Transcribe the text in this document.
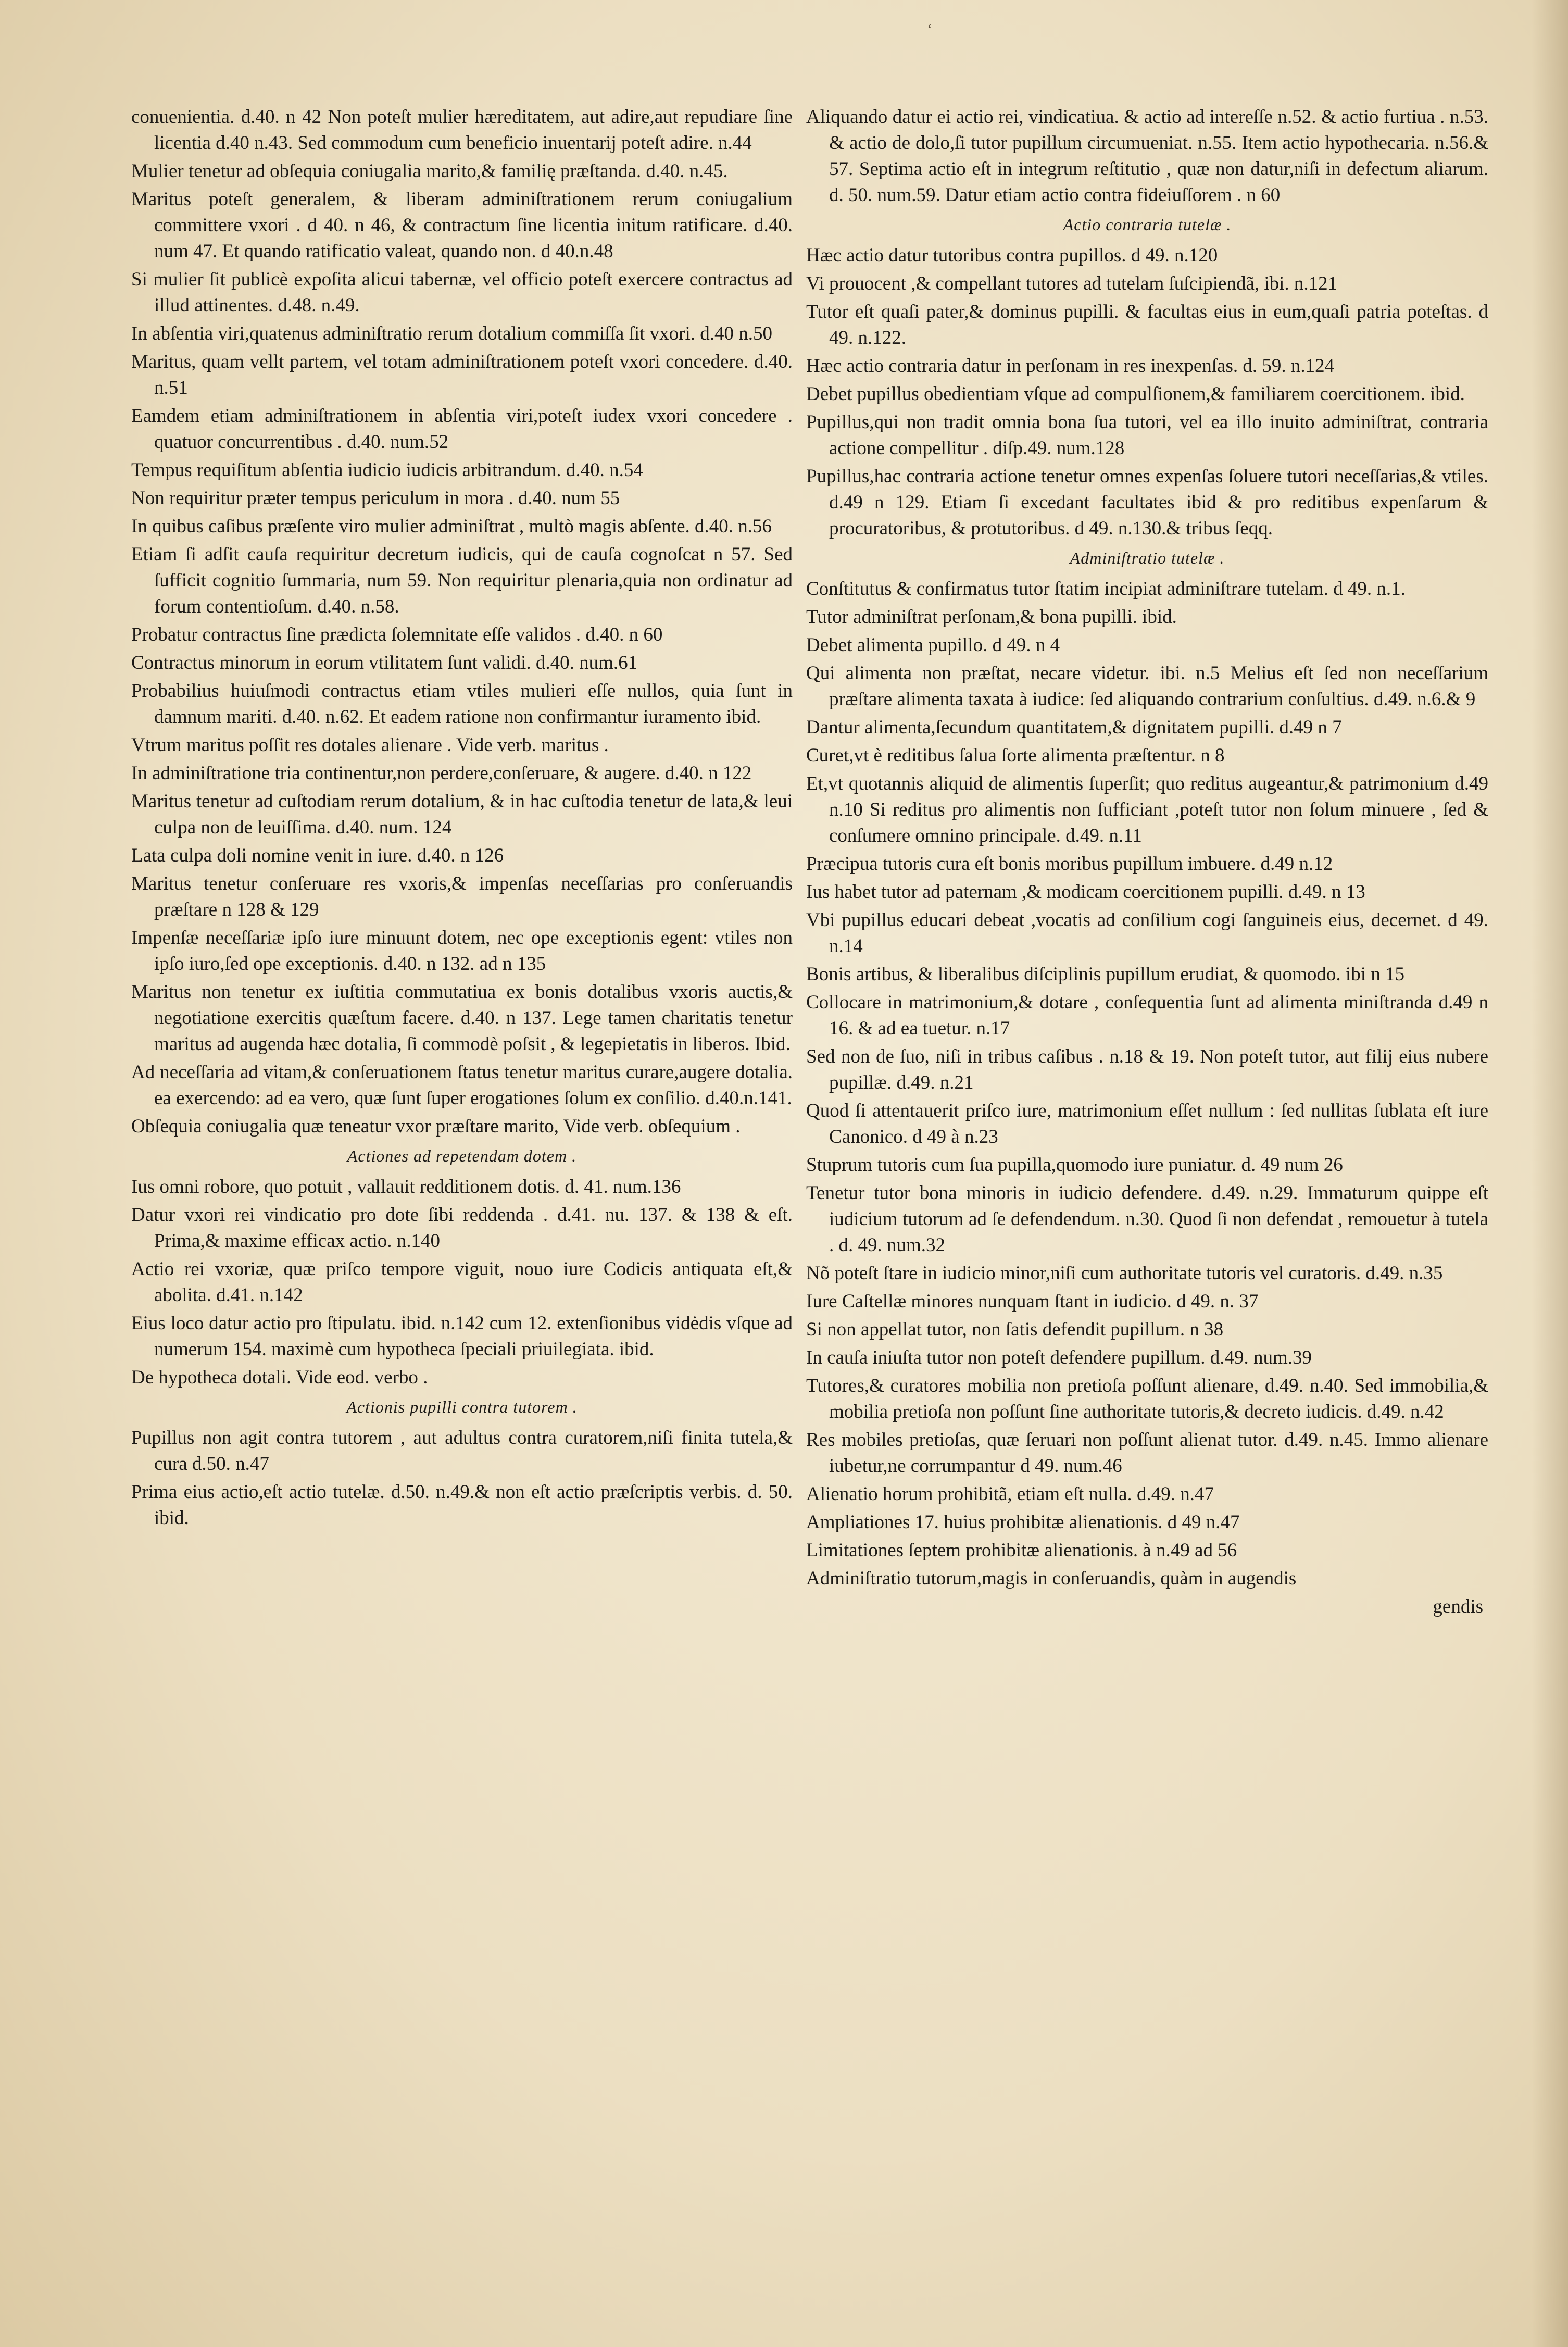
ʻ
conuenientia. d.40. n 42 Non poteſt mulier hæreditatem, aut adire,aut repudiare ſine licentia d.40 n.43. Sed commodum cum beneficio inuentarij poteſt adire. n.44
Mulier tenetur ad obſequia coniugalia marito,& familię præſtanda. d.40. n.45.
Maritus poteſt generalem, & liberam adminiſtrationem rerum coniugalium committere vxori . d 40. n 46, & contractum ſine licentia initum ratificare. d.40. num 47. Et quando ratificatio valeat, quando non. d 40.n.48
Si mulier ſit publicè expoſita alicui tabernæ, vel officio poteſt exercere contractus ad illud attinentes. d.48. n.49.
In abſentia viri,quatenus adminiſtratio rerum dotalium commiſſa ſit vxori. d.40 n.50
Maritus, quam vellt partem, vel totam adminiſtrationem poteſt vxori concedere. d.40. n.51
Eamdem etiam adminiſtrationem in abſentia viri,poteſt iudex vxori concedere . quatuor concurrentibus . d.40. num.52
Tempus requiſitum abſentia iudicio iudicis arbitrandum. d.40. n.54
Non requiritur præter tempus periculum in mora . d.40. num 55
In quibus caſibus præſente viro mulier adminiſtrat , multò magis abſente. d.40. n.56
Etiam ſi adſit cauſa requiritur decretum iudicis, qui de cauſa cognoſcat n 57. Sed ſufficit cognitio ſummaria, num 59. Non requiritur plenaria,quia non ordinatur ad forum contentioſum. d.40. n.58.
Probatur contractus ſine prædicta ſolemnitate eſſe validos . d.40. n 60
Contractus minorum in eorum vtilitatem ſunt validi. d.40. num.61
Probabilius huiuſmodi contractus etiam vtiles mulieri eſſe nullos, quia ſunt in damnum mariti. d.40. n.62. Et eadem ratione non confirmantur iuramento ibid.
Vtrum maritus poſſit res dotales alienare . Vide verb. maritus .
In adminiſtratione tria continentur,non perdere,conſeruare, & augere. d.40. n 122
Maritus tenetur ad cuſtodiam rerum dotalium, & in hac cuſtodia tenetur de lata,& leui culpa non de leuiſſima. d.40. num. 124
Lata culpa doli nomine venit in iure. d.40. n 126
Maritus tenetur conſeruare res vxoris,& impenſas neceſſarias pro conſeruandis præſtare n 128 & 129
Impenſæ neceſſariæ ipſo iure minuunt dotem, nec ope exceptionis egent: vtiles non ipſo iuro,ſed ope exceptionis. d.40. n 132. ad n 135
Maritus non tenetur ex iuſtitia commutatiua ex bonis dotalibus vxoris auctis,& negotiatione exercitis quæſtum facere. d.40. n 137. Lege tamen charitatis tenetur maritus ad augenda hæc dotalia, ſi commodè poſsit , & legepietatis in liberos. Ibid.
Ad neceſſaria ad vitam,& conſeruationem ſtatus tenetur maritus curare,augere dotalia. ea exercendo: ad ea vero, quæ ſunt ſuper erogationes ſolum ex conſilio. d.40.n.141.
Obſequia coniugalia quæ teneatur vxor præſtare marito, Vide verb. obſequium .
Actiones ad repetendam dotem .
Ius omni robore, quo potuit , vallauit redditionem dotis. d. 41. num.136
Datur vxori rei vindicatio pro dote ſibi reddenda . d.41. nu. 137. & 138 & eſt. Prima,& maxime efficax actio. n.140
Actio rei vxoriæ, quæ priſco tempore viguit, nouo iure Codicis antiquata eſt,& abolita. d.41. n.142
Eius loco datur actio pro ſtipulatu. ibid. n.142 cum 12. extenſionibus vidėdis vſque ad numerum 154. maximè cum hypotheca ſpeciali priuilegiata. ibid.
De hypotheca dotali. Vide eod. verbo .
Actionis pupilli contra tutorem .
Pupillus non agit contra tutorem , aut adultus contra curatorem,niſi finita tutela,& cura d.50. n.47
Prima eius actio,eſt actio tutelæ. d.50. n.49.& non eſt actio præſcriptis verbis. d. 50. ibid.
Aliquando datur ei actio rei, vindicatiua. & actio ad intereſſe n.52. & actio furtiua . n.53. & actio de dolo,ſi tutor pupillum circumueniat. n.55. Item actio hypothecaria. n.56.& 57. Septima actio eſt in integrum reſtitutio , quæ non datur,niſi in defectum aliarum. d. 50. num.59. Datur etiam actio contra fideiuſſorem . n 60
Actio contraria tutelæ .
Hæc actio datur tutoribus contra pupillos. d 49. n.120
Vi prouocent ,& compellant tutores ad tutelam ſuſcipiendã, ibi. n.121
Tutor eſt quaſi pater,& dominus pupilli. & facultas eius in eum,quaſi patria poteſtas. d 49. n.122.
Hæc actio contraria datur in perſonam in res inexpenſas. d. 59. n.124
Debet pupillus obedientiam vſque ad compulſionem,& familiarem coercitionem. ibid.
Pupillus,qui non tradit omnia bona ſua tutori, vel ea illo inuito adminiſtrat, contraria actione compellitur . diſp.49. num.128
Pupillus,hac contraria actione tenetur omnes expenſas ſoluere tutori neceſſarias,& vtiles. d.49 n 129. Etiam ſi excedant facultates ibid & pro reditibus expenſarum & procuratoribus, & protutoribus. d 49. n.130.& tribus ſeqq.
Adminiſtratio tutelæ .
Conſtitutus & confirmatus tutor ſtatim incipiat adminiſtrare tutelam. d 49. n.1.
Tutor adminiſtrat perſonam,& bona pupilli. ibid.
Debet alimenta pupillo. d 49. n 4
Qui alimenta non præſtat, necare videtur. ibi. n.5 Melius eſt ſed non neceſſarium præſtare alimenta taxata à iudice: ſed aliquando contrarium conſultius. d.49. n.6.& 9
Dantur alimenta,ſecundum quantitatem,& dignitatem pupilli. d.49 n 7
Curet,vt è reditibus ſalua ſorte alimenta præſtentur. n 8
Et,vt quotannis aliquid de alimentis ſuperſit; quo reditus augeantur,& patrimonium d.49 n.10 Si reditus pro alimentis non ſufficiant ,poteſt tutor non ſolum minuere , ſed & conſumere omnino principale. d.49. n.11
Præcipua tutoris cura eſt bonis moribus pupillum imbuere. d.49 n.12
Ius habet tutor ad paternam ,& modicam coercitionem pupilli. d.49. n 13
Vbi pupillus educari debeat ,vocatis ad conſilium cogi ſanguineis eius, decernet. d 49. n.14
Bonis artibus, & liberalibus diſciplinis pupillum erudiat, & quomodo. ibi n 15
Collocare in matrimonium,& dotare , conſequentia ſunt ad alimenta miniſtranda d.49 n 16. & ad ea tuetur. n.17
Sed non de ſuo, niſi in tribus caſibus . n.18 & 19. Non poteſt tutor, aut filij eius nubere pupillæ. d.49. n.21
Quod ſi attentauerit priſco iure, matrimonium eſſet nullum : ſed nullitas ſublata eſt iure Canonico. d 49 à n.23
Stuprum tutoris cum ſua pupilla,quomodo iure puniatur. d. 49 num 26
Tenetur tutor bona minoris in iudicio defendere. d.49. n.29. Immaturum quippe eſt iudicium tutorum ad ſe defendendum. n.30. Quod ſi non defendat , remouetur à tutela . d. 49. num.32
Nõ poteſt ſtare in iudicio minor,niſi cum authoritate tutoris vel curatoris. d.49. n.35
Iure Caſtellæ minores nunquam ſtant in iudicio. d 49. n. 37
Si non appellat tutor, non ſatis defendit pupillum. n 38
In cauſa iniuſta tutor non poteſt defendere pupillum. d.49. num.39
Tutores,& curatores mobilia non pretioſa poſſunt alienare, d.49. n.40. Sed immobilia,& mobilia pretioſa non poſſunt ſine authoritate tutoris,& decreto iudicis. d.49. n.42
Res mobiles pretioſas, quæ ſeruari non poſſunt alienat tutor. d.49. n.45. Immo alienare iubetur,ne corrumpantur d 49. num.46
Alienatio horum prohibitã, etiam eſt nulla. d.49. n.47
Ampliationes 17. huius prohibitæ alienationis. d 49 n.47
Limitationes ſeptem prohibitæ alienationis. à n.49 ad 56
Adminiſtratio tutorum,magis in conſeruandis, quàm in augendis
gendis
